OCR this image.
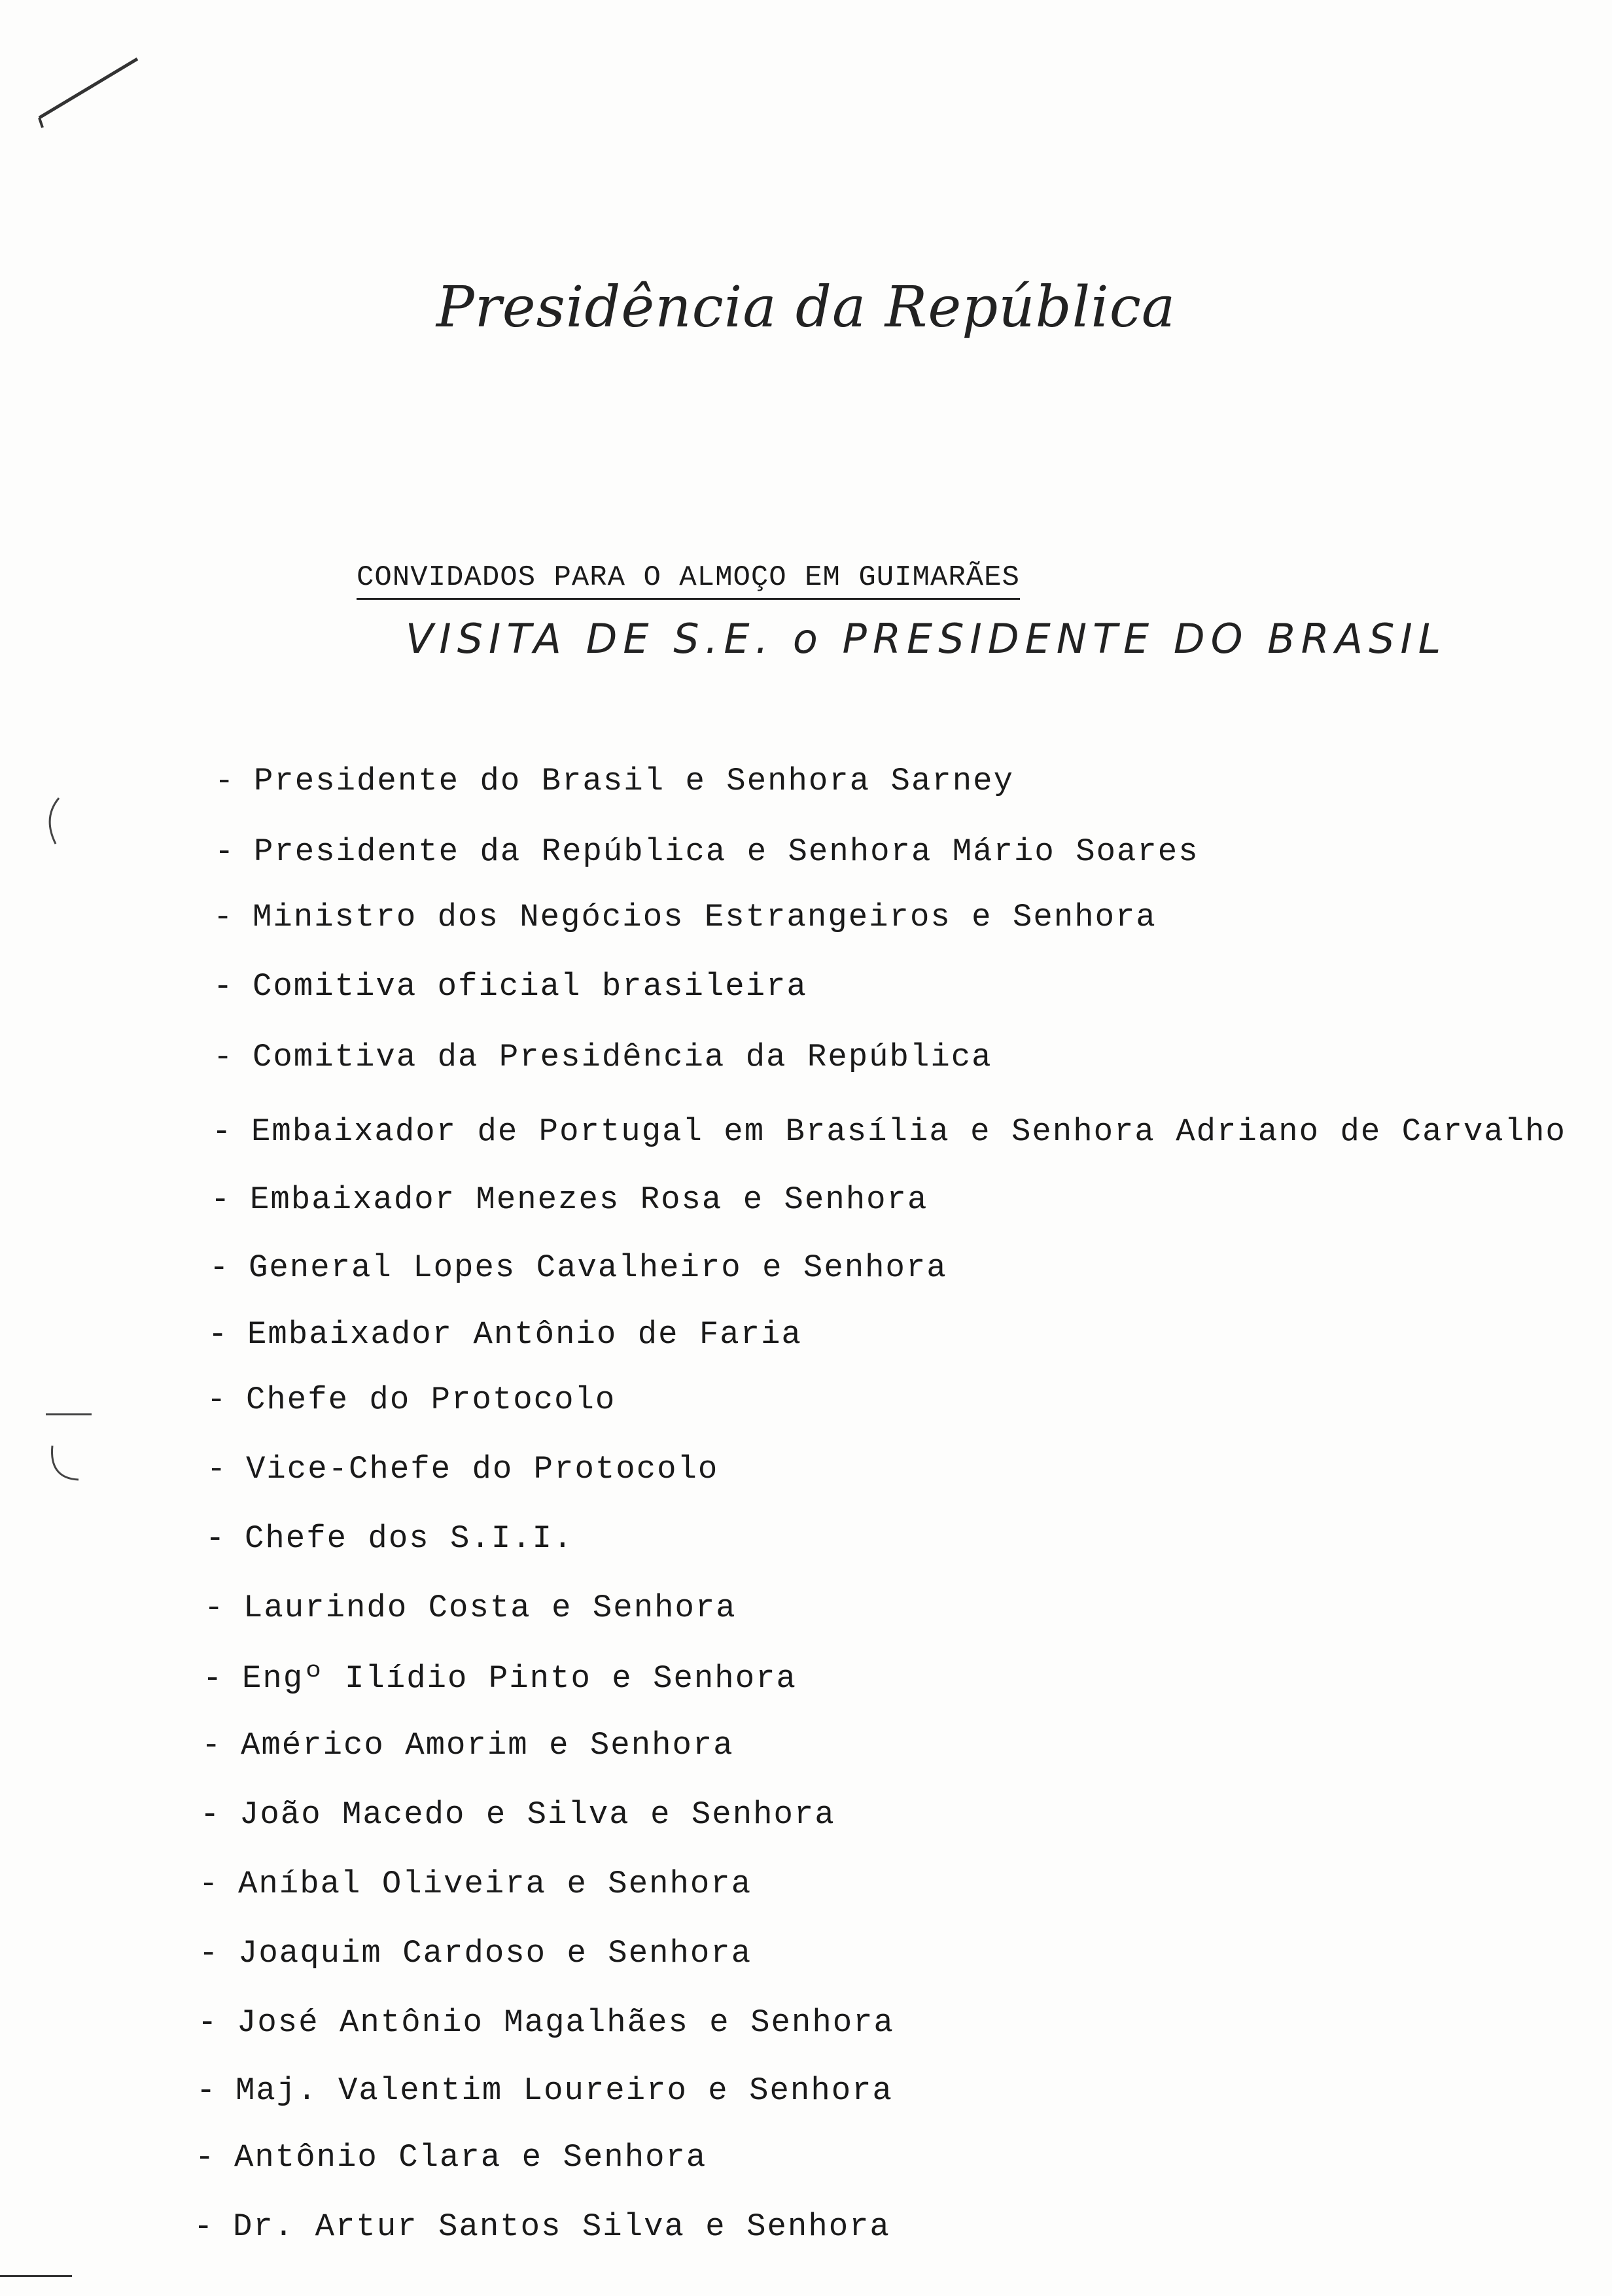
Presidência da República
CONVIDADOS PARA O ALMOÇO EM GUIMARÃES
VISITA DE S.E. o PRESIDENTE DO BRASIL
- Presidente do Brasil e Senhora Sarney
- Presidente da República e Senhora Mário Soares
- Ministro dos Negócios Estrangeiros e Senhora
- Comitiva oficial brasileira
- Comitiva da Presidência da República
- Embaixador de Portugal em Brasília e Senhora Adriano de Carvalho
- Embaixador Menezes Rosa e Senhora
- General Lopes Cavalheiro e Senhora
- Embaixador Antônio de Faria
- Chefe do Protocolo
- Vice-Chefe do Protocolo
- Chefe dos S.I.I.
- Laurindo Costa e Senhora
- Engº Ilídio Pinto e Senhora
- Américo Amorim e Senhora
- João Macedo e Silva e Senhora
- Aníbal Oliveira e Senhora
- Joaquim Cardoso e Senhora
- José Antônio Magalhães e Senhora
- Maj. Valentim Loureiro e Senhora
- Antônio Clara e Senhora
- Dr. Artur Santos Silva e Senhora
